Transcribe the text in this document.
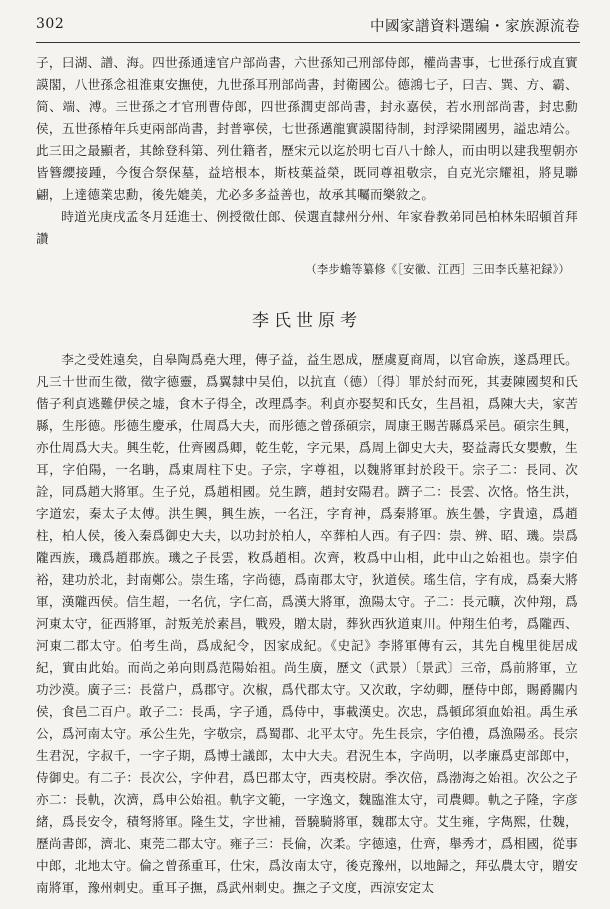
302	中國家譜資料選编・家族源流卷

子，曰湖、譜、海。四世孫通達官户部尚書，六世孫知己刑部侍郎，權尚書事，七世孫行成直實謨閣，八世孫念祖淮東安撫使，九世孫耳刑部尚書，封衛國公。德鴻七子，曰吉、巽、方、霸、简、端、溥。三世孫之才官刑曹侍郎，四世孫潤吏部尚書，封永嘉侯，若水刑部尚書，封忠勳侯，五世孫椿年兵吏兩部尚書，封普寧侯，七世孫邁龍實謨閣待制，封浮梁開國男，謚忠靖公。此三田之最顯者，其餘登科第、列仕籍者，歷宋元以迄於明七百八十餘人，而由明以建我聖朝亦皆簪纓接踵，今復合祭保墓，益培根本，斯枝葉益榮，既同尊祖敬宗，自克光宗耀祖，將見聯翩，上達德業忠勳，後先媲美，尤必多多益善也，故承其囑而樂敘之。

時道光庚戌孟冬月廷進士、例授徵仕郎、侯選直隸州分州、年家眷教弟同邑柏林朱昭頓首拜讚

（李步蟾等纂修《［安徽、江西］三田李氏墓祀録》）

李氏世原考

李之受姓遠矣，自皋陶爲堯大理，傳子益，益生恩成，歷虞夏商周，以官命族，遂爲理氏。凡三十世而生徵，徵字德靈，爲翼隸中吴伯，以抗直（德）〔得〕罪於紂而死，其妻陳國契和氏偕子利貞逃難伊侯之墟，食木子得全，改理爲李。利貞亦娶契和氏女，生昌祖，爲陳大夫，家苦縣，生彤德。彤德生慶承，仕周爲大夫，而彤德之曾孫碩宗，周康王賜苦縣爲采邑。碩宗生興，亦仕周爲大夫。興生乾，仕齊國爲卿，乾生乾，字元果，爲周上御史大夫，娶益壽氏女嬰敷，生耳，字伯陽，一名聃，爲東周柱下史。子宗，字尊祖，以魏將軍封於段干。宗子二：長同、次詮，同爲趙大將軍。生子兑，爲趙相國。兑生躋，趙封安陽君。躋子二：長雲、次恪。恪生洪，字道宏，秦太子太傅。洪生興，興生族，一名汪，字育神，爲秦將軍。族生曇，字貴遠，爲趙柱，柏人侯，後入秦爲御史大夫，以功封於柏人，卒葬柏人西。有子四：崇、辨、昭、璣。崇爲隴西族，璣爲趙郡族。璣之子長雲，敉爲趙相。次齊，敉爲中山相，此中山之始祖也。崇字伯裕，建功於北，封南鄭公。崇生瑤，字尚德，爲南郡太守，狄道侯。瑤生信，字有成，爲秦大將軍，漢隴西侯。信生超，一名伉，字仁高，爲漢大將軍，漁陽太守。子二：長元曠，次仲翔，爲河東太守，征西將軍，討叛羌於素昌，戰殁，贈太尉，葬狄西狄道東川。仲翔生伯考，爲隴西、河東二郡太守。伯考生尚，爲成紀令，因家成紀。《史記》李將軍傳有云，其先自槐里徙居成紀，實由此始。而尚之弟向則爲范陽始祖。尚生廣，歷文（武景）〔景武〕三帝，爲前將軍，立功沙漠。廣子三：長當户，爲郡守。次椒，爲代郡太守。又次敢，字幼卿，歷侍中郎，賜爵關内侯，食邑二百户。敢子二：長禹，字子通，爲侍中，事載漢史。次忠，爲頓邱須血始祖。禹生承公，爲河南太守。承公生先，字敬宗，爲蜀郡、北平太守。先生長宗，字伯禮，爲漁陽丞。長宗生君況，字叔千，一字子期，爲博士議郎，太中大夫。君況生本，字尚明，以孝廉爲吏部郎中，侍御史。有二子：長次公，字仲君，爲巴郡太守，西夷校尉。季次倍，爲渤海之始祖。次公之子亦二：長軌，次濟，爲申公始祖。軌字文範，一字逸文，魏臨淮太守，司農卿。軌之子隆，字彦緒，爲長安令，積弩將軍。隆生艾，字世補，晉驍騎將軍，魏郡太守。艾生雍，字雋熙，仕魏，歷尚書郎，濟北、東莞二郡太守。雍子三：長倫，次柔。字德遠，仕齊，舉秀才，爲相國，從事中郎，北地太守。倫之曾孫重耳，仕宋，爲汝南太守，後克豫州，以地歸之，拜弘農太守，贈安南將軍，豫州刺史。重耳子撫，爲武州刺史。撫之子文度，西涼安定太
